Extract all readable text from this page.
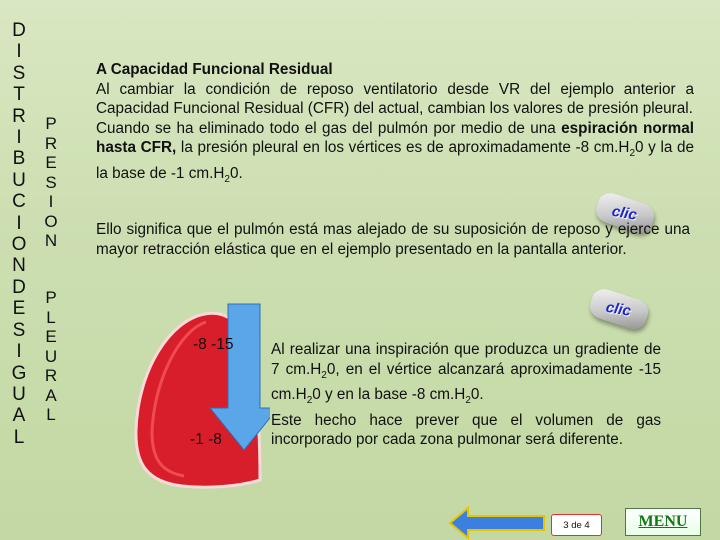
D
I
S
T
R
I
B
U
C
I
O
N
D
E
S
I
G
U
A
L
P
R
E
S
I
O
N
P
L
E
U
R
A
L
A Capacidad Funcional Residual
Al cambiar la condición de reposo ventilatorio desde VR del ejemplo anterior a Capacidad Funcional Residual (CFR) del actual, cambian los valores de presión pleural.
Cuando se ha eliminado todo el gas del pulmón por medio de una espiración normal hasta CFR, la presión pleural en los vértices es de aproximadamente -8 $cm.H_20$ y la de la base de -1 $cm.H_20$.
clic
Ello significa que el pulmón está mas alejado de su suposición de reposo y ejerce una mayor retracción elástica que en el ejemplo presentado en la pantalla anterior.
clic
-8 -15
-1 -8
Al realizar una inspiración que produzca un gradiente de 7 $cm.H_20$, en el vértice alcanzará aproximadamente -15 $cm.H_20$ y en la base -8 $cm.H_20$.
Este hecho hace prever que el volumen de gas incorporado por cada zona pulmonar será diferente.
3 de 4	MENU
